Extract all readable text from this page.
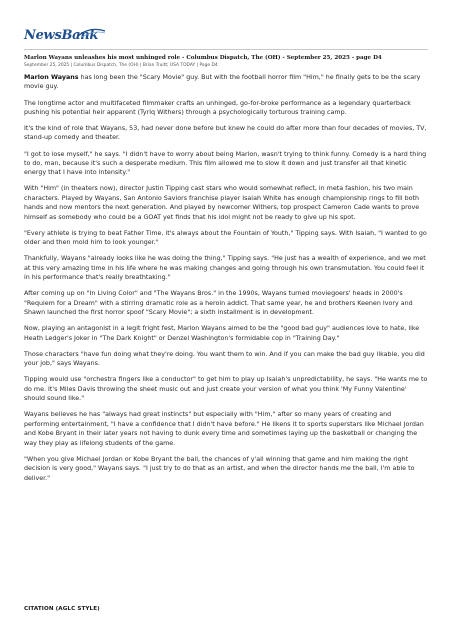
NewsBank
Marlon Wayans unleashes his most unhinged role - Columbus Dispatch, The (OH) - September 25, 2025 - page D4
September 25, 2025 | Columbus Dispatch, The (OH) | Brian Truitt; USA TODAY | Page D4

Marlon Wayans has long been the "Scary Movie" guy. But with the football horror film "Him," he finally gets to be the scary movie guy.

The longtime actor and multifaceted filmmaker crafts an unhinged, go-for-broke performance as a legendary quarterback pushing his potential heir apparent (Tyriq Withers) through a psychologically torturous training camp.

It's the kind of role that Wayans, 53, had never done before but knew he could do after more than four decades of movies, TV, stand-up comedy and theater.

"I got to lose myself," he says. "I didn't have to worry about being Marlon, wasn't trying to think funny. Comedy is a hard thing to do, man, because it's such a desperate medium. This film allowed me to slow it down and just transfer all that kinetic energy that I have into intensity."

With "Him" (in theaters now), director Justin Tipping cast stars who would somewhat reflect, in meta fashion, his two main characters. Played by Wayans, San Antonio Saviors franchise player Isaiah White has enough championship rings to fill both hands and now mentors the next generation. And played by newcomer Withers, top prospect Cameron Cade wants to prove himself as somebody who could be a GOAT yet finds that his idol might not be ready to give up his spot.

"Every athlete is trying to beat Father Time, it's always about the Fountain of Youth," Tipping says. With Isaiah, "I wanted to go older and then mold him to look younger."

Thankfully, Wayans "already looks like he was doing the thing," Tipping says. "He just has a wealth of experience, and we met at this very amazing time in his life where he was making changes and going through his own transmutation. You could feel it in his performance that's really breathtaking."

After coming up on "In Living Color" and "The Wayans Bros." in the 1990s, Wayans turned moviegoers' heads in 2000's "Requiem for a Dream" with a stirring dramatic role as a heroin addict. That same year, he and brothers Keenen Ivory and Shawn launched the first horror spoof "Scary Movie"; a sixth installment is in development.

Now, playing an antagonist in a legit fright fest, Marlon Wayans aimed to be the "good bad guy" audiences love to hate, like Heath Ledger's Joker in "The Dark Knight" or Denzel Washington's formidable cop in "Training Day."

Those characters "have fun doing what they're doing. You want them to win. And if you can make the bad guy likable, you did your job," says Wayans.

Tipping would use "orchestra fingers like a conductor" to get him to play up Isaiah's unpredictability, he says. "He wants me to do me. It's Miles Davis throwing the sheet music out and just create your version of what you think 'My Funny Valentine' should sound like."

Wayans believes he has "always had great instincts" but especially with "Him," after so many years of creating and performing entertainment, "I have a confidence that I didn't have before." He likens it to sports superstars like Michael Jordan and Kobe Bryant in their later years not having to dunk every time and sometimes laying up the basketball or changing the way they play as lifelong students of the game.

"When you give Michael Jordan or Kobe Bryant the ball, the chances of y'all winning that game and him making the right decision is very good," Wayans says. "I just try to do that as an artist, and when the director hands me the ball, I'm able to deliver."

CITATION (AGLC STYLE)
